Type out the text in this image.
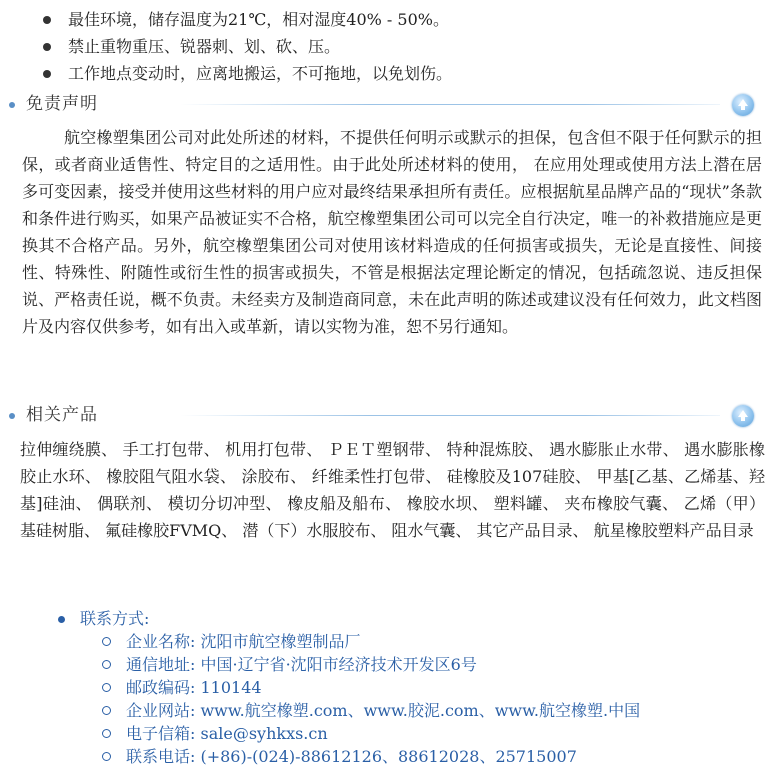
最佳环境，储存温度为21℃，相对湿度40% - 50%。
禁止重物重压、锐器刺、划、砍、压。
工作地点变动时，应离地搬运，不可拖地，以免划伤。
免责声明

航空橡塑集团公司对此处所述的材料，不提供任何明示或默示的担保，包含但不限于任何默示的担保，或者商业适售性、特定目的之适用性。由于此处所述材料的使用， 在应用处理或使用方法上潜在居多可变因素，接受并使用这些材料的用户应对最终结果承担所有责任。应根据航星品牌产品的“现状”条款和条件进行购买，如果产品被证实不合格，航空橡塑集团公司可以完全自行决定，唯一的补救措施应是更换其不合格产品。另外，航空橡塑集团公司对使用该材料造成的任何损害或损失，无论是直接性、间接性、特殊性、附随性或衍生性的损害或损失，不管是根据法定理论断定的情况，包括疏忽说、违反担保说、严格责任说，概不负责。未经卖方及制造商同意，未在此声明的陈述或建议没有任何效力，此文档图片及内容仅供参考，如有出入或革新，请以实物为准，恕不另行通知。

相关产品

拉伸缠绕膜、 手工打包带、 机用打包带、 ＰＥＴ塑钢带、 特种混炼胶、 遇水膨胀止水带、 遇水膨胀橡胶止水环、 橡胶阻气阻水袋、 涂胶布、 纤维柔性打包带、 硅橡胶及107硅胶、 甲基[乙基、乙烯基、羟基]硅油、 偶联剂、 模切分切冲型、 橡皮船及船布、 橡胶水坝、 塑料罐、 夹布橡胶气囊、 乙烯（甲）基硅树脂、 氟硅橡胶FVMQ、 潜（下）水服胶布、 阻水气囊、 其它产品目录、 航星橡胶塑料产品目录

联系方式:
企业名称: 沈阳市航空橡塑制品厂
通信地址: 中国·辽宁省·沈阳市经济技术开发区6号
邮政编码: 110144
企业网站: www.航空橡塑.com、www.胶泥.com、www.航空橡塑.中国
电子信箱: sale@syhkxs.cn
联系电话: (+86)-(024)-88612126、88612028、25715007
